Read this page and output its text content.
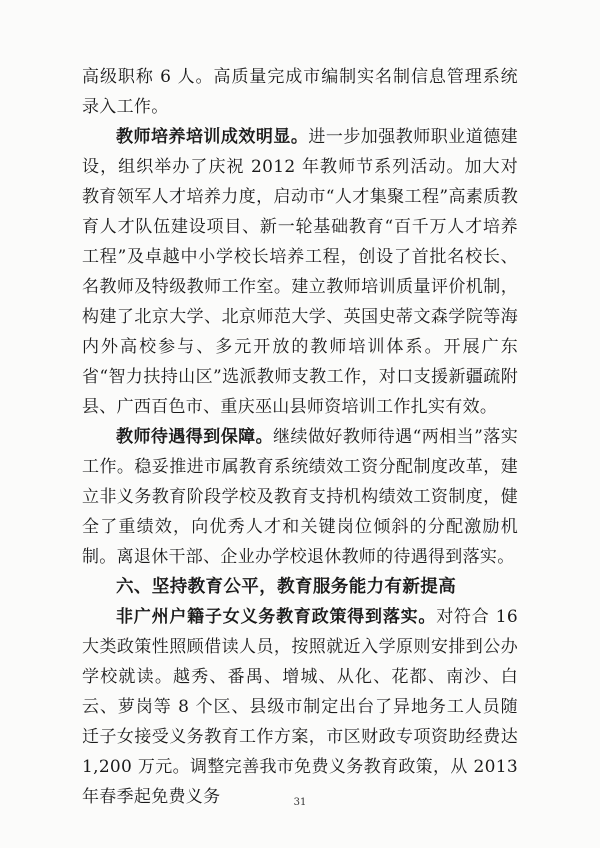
高级职称 6 人。高质量完成市编制实名制信息管理系统录入工作。

教师培养培训成效明显。进一步加强教师职业道德建设，组织举办了庆祝 2012 年教师节系列活动。加大对教育领军人才培养力度，启动市“人才集聚工程”高素质教育人才队伍建设项目、新一轮基础教育“百千万人才培养工程”及卓越中小学校长培养工程，创设了首批名校长、名教师及特级教师工作室。建立教师培训质量评价机制，构建了北京大学、北京师范大学、英国史蒂文森学院等海内外高校参与、多元开放的教师培训体系。开展广东省“智力扶持山区”选派教师支教工作，对口支援新疆疏附县、广西百色市、重庆巫山县师资培训工作扎实有效。

教师待遇得到保障。继续做好教师待遇“两相当”落实工作。稳妥推进市属教育系统绩效工资分配制度改革，建立非义务教育阶段学校及教育支持机构绩效工资制度，健全了重绩效，向优秀人才和关键岗位倾斜的分配激励机制。离退休干部、企业办学校退休教师的待遇得到落实。

六、坚持教育公平，教育服务能力有新提高

非广州户籍子女义务教育政策得到落实。对符合 16 大类政策性照顾借读人员，按照就近入学原则安排到公办学校就读。越秀、番禺、增城、从化、花都、南沙、白云、萝岗等 8 个区、县级市制定出台了异地务工人员随迁子女接受义务教育工作方案，市区财政专项资助经费达 1,200 万元。调整完善我市免费义务教育政策，从 2013 年春季起免费义务	31
